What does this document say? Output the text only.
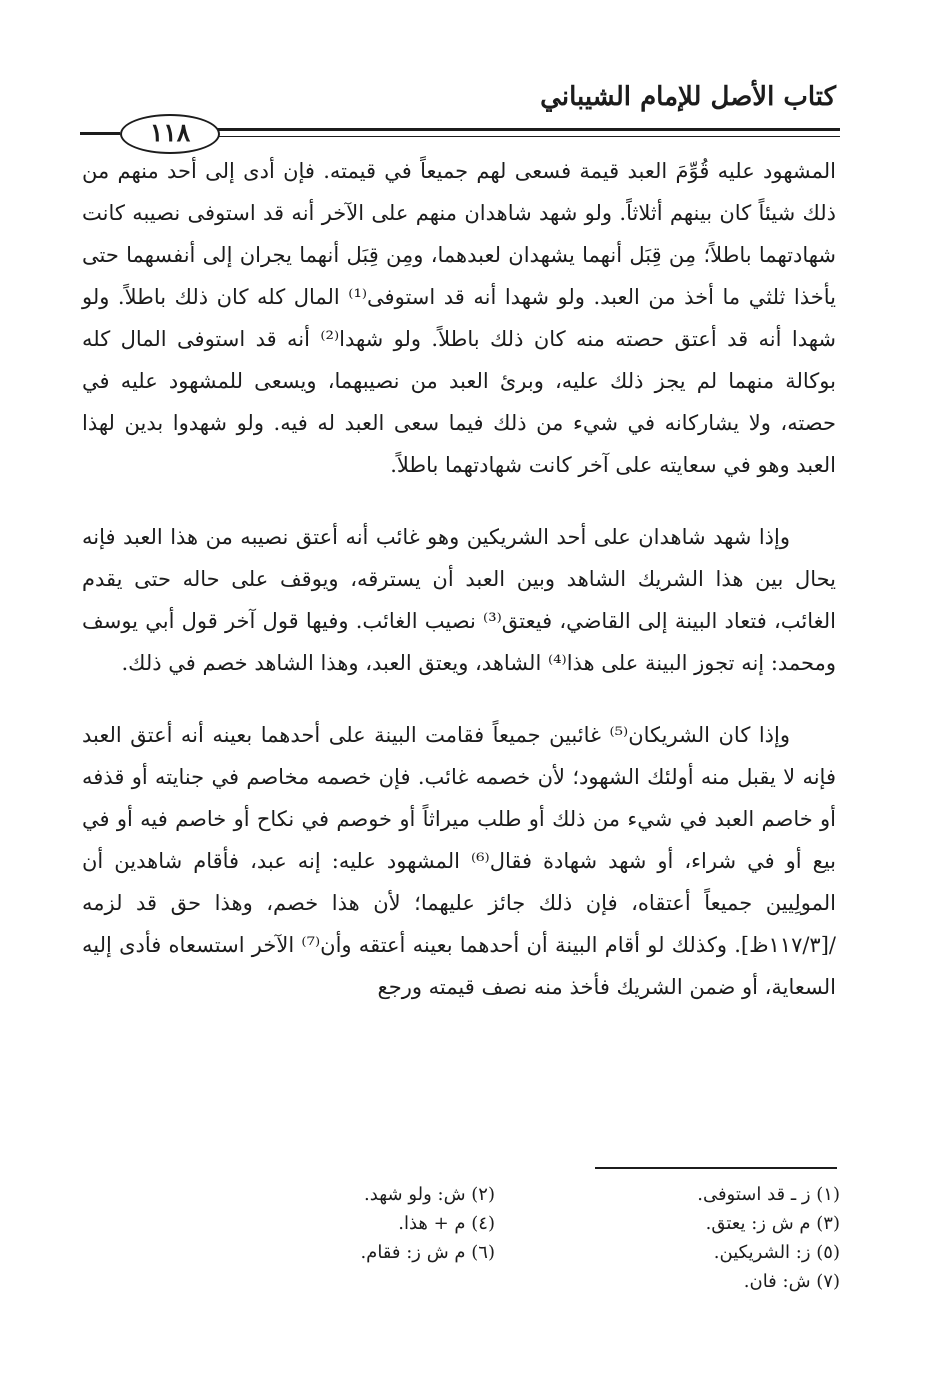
كتاب الأصل للإمام الشيباني
١١٨

المشهود عليه قُوِّمَ العبد قيمة فسعى لهم جميعاً في قيمته. فإن أدى إلى أحد منهم من ذلك شيئاً كان بينهم أثلاثاً. ولو شهد شاهدان منهم على الآخر أنه قد استوفى نصيبه كانت شهادتهما باطلاً؛ مِن قِبَل أنهما يشهدان لعبدهما، ومِن قِبَل أنهما يجران إلى أنفسهما حتى يأخذا ثلثي ما أخذ من العبد. ولو شهدا أنه قد استوفى⁽¹⁾ المال كله كان ذلك باطلاً. ولو شهدا أنه قد أعتق حصته منه كان ذلك باطلاً. ولو شهدا⁽²⁾ أنه قد استوفى المال كله بوكالة منهما لم يجز ذلك عليه، وبرئ العبد من نصيبهما، ويسعى للمشهود عليه في حصته، ولا يشاركانه في شيء من ذلك فيما سعى العبد له فيه. ولو شهدوا بدين لهذا العبد وهو في سعايته على آخر كانت شهادتهما باطلاً.

وإذا شهد شاهدان على أحد الشريكين وهو غائب أنه أعتق نصيبه من هذا العبد فإنه يحال بين هذا الشريك الشاهد وبين العبد أن يسترقه، ويوقف على حاله حتى يقدم الغائب، فتعاد البينة إلى القاضي، فيعتق⁽³⁾ نصيب الغائب. وفيها قول آخر قول أبي يوسف ومحمد: إنه تجوز البينة على هذا⁽⁴⁾ الشاهد، ويعتق العبد، وهذا الشاهد خصم في ذلك.

وإذا كان الشريكان⁽⁵⁾ غائبين جميعاً فقامت البينة على أحدهما بعينه أنه أعتق العبد فإنه لا يقبل منه أولئك الشهود؛ لأن خصمه غائب. فإن خصمه مخاصم في جنايته أو قذفه أو خاصم العبد في شيء من ذلك أو طلب ميراثاً أو خوصم في نكاح أو خاصم فيه أو في بيع أو في شراء، أو شهد شهادة فقال⁽⁶⁾ المشهود عليه: إنه عبد، فأقام شاهدين أن المولِيين جميعاً أعتقاه، فإن ذلك جائز عليهما؛ لأن هذا خصم، وهذا حق قد لزمه /[١١٧/٣ظ]. وكذلك لو أقام البينة أن أحدهما بعينه أعتقه وأن⁽⁷⁾ الآخر استسعاه فأدى إليه السعاية، أو ضمن الشريك فأخذ منه نصف قيمته ورجع

(١) ز ـ قد استوفى.
(٢) ش: ولو شهد.
(٣) م ش ز: يعتق.
(٤) م + هذا.
(٥) ز: الشريكين.
(٦) م ش ز: فقام.
(٧) ش: فان.
